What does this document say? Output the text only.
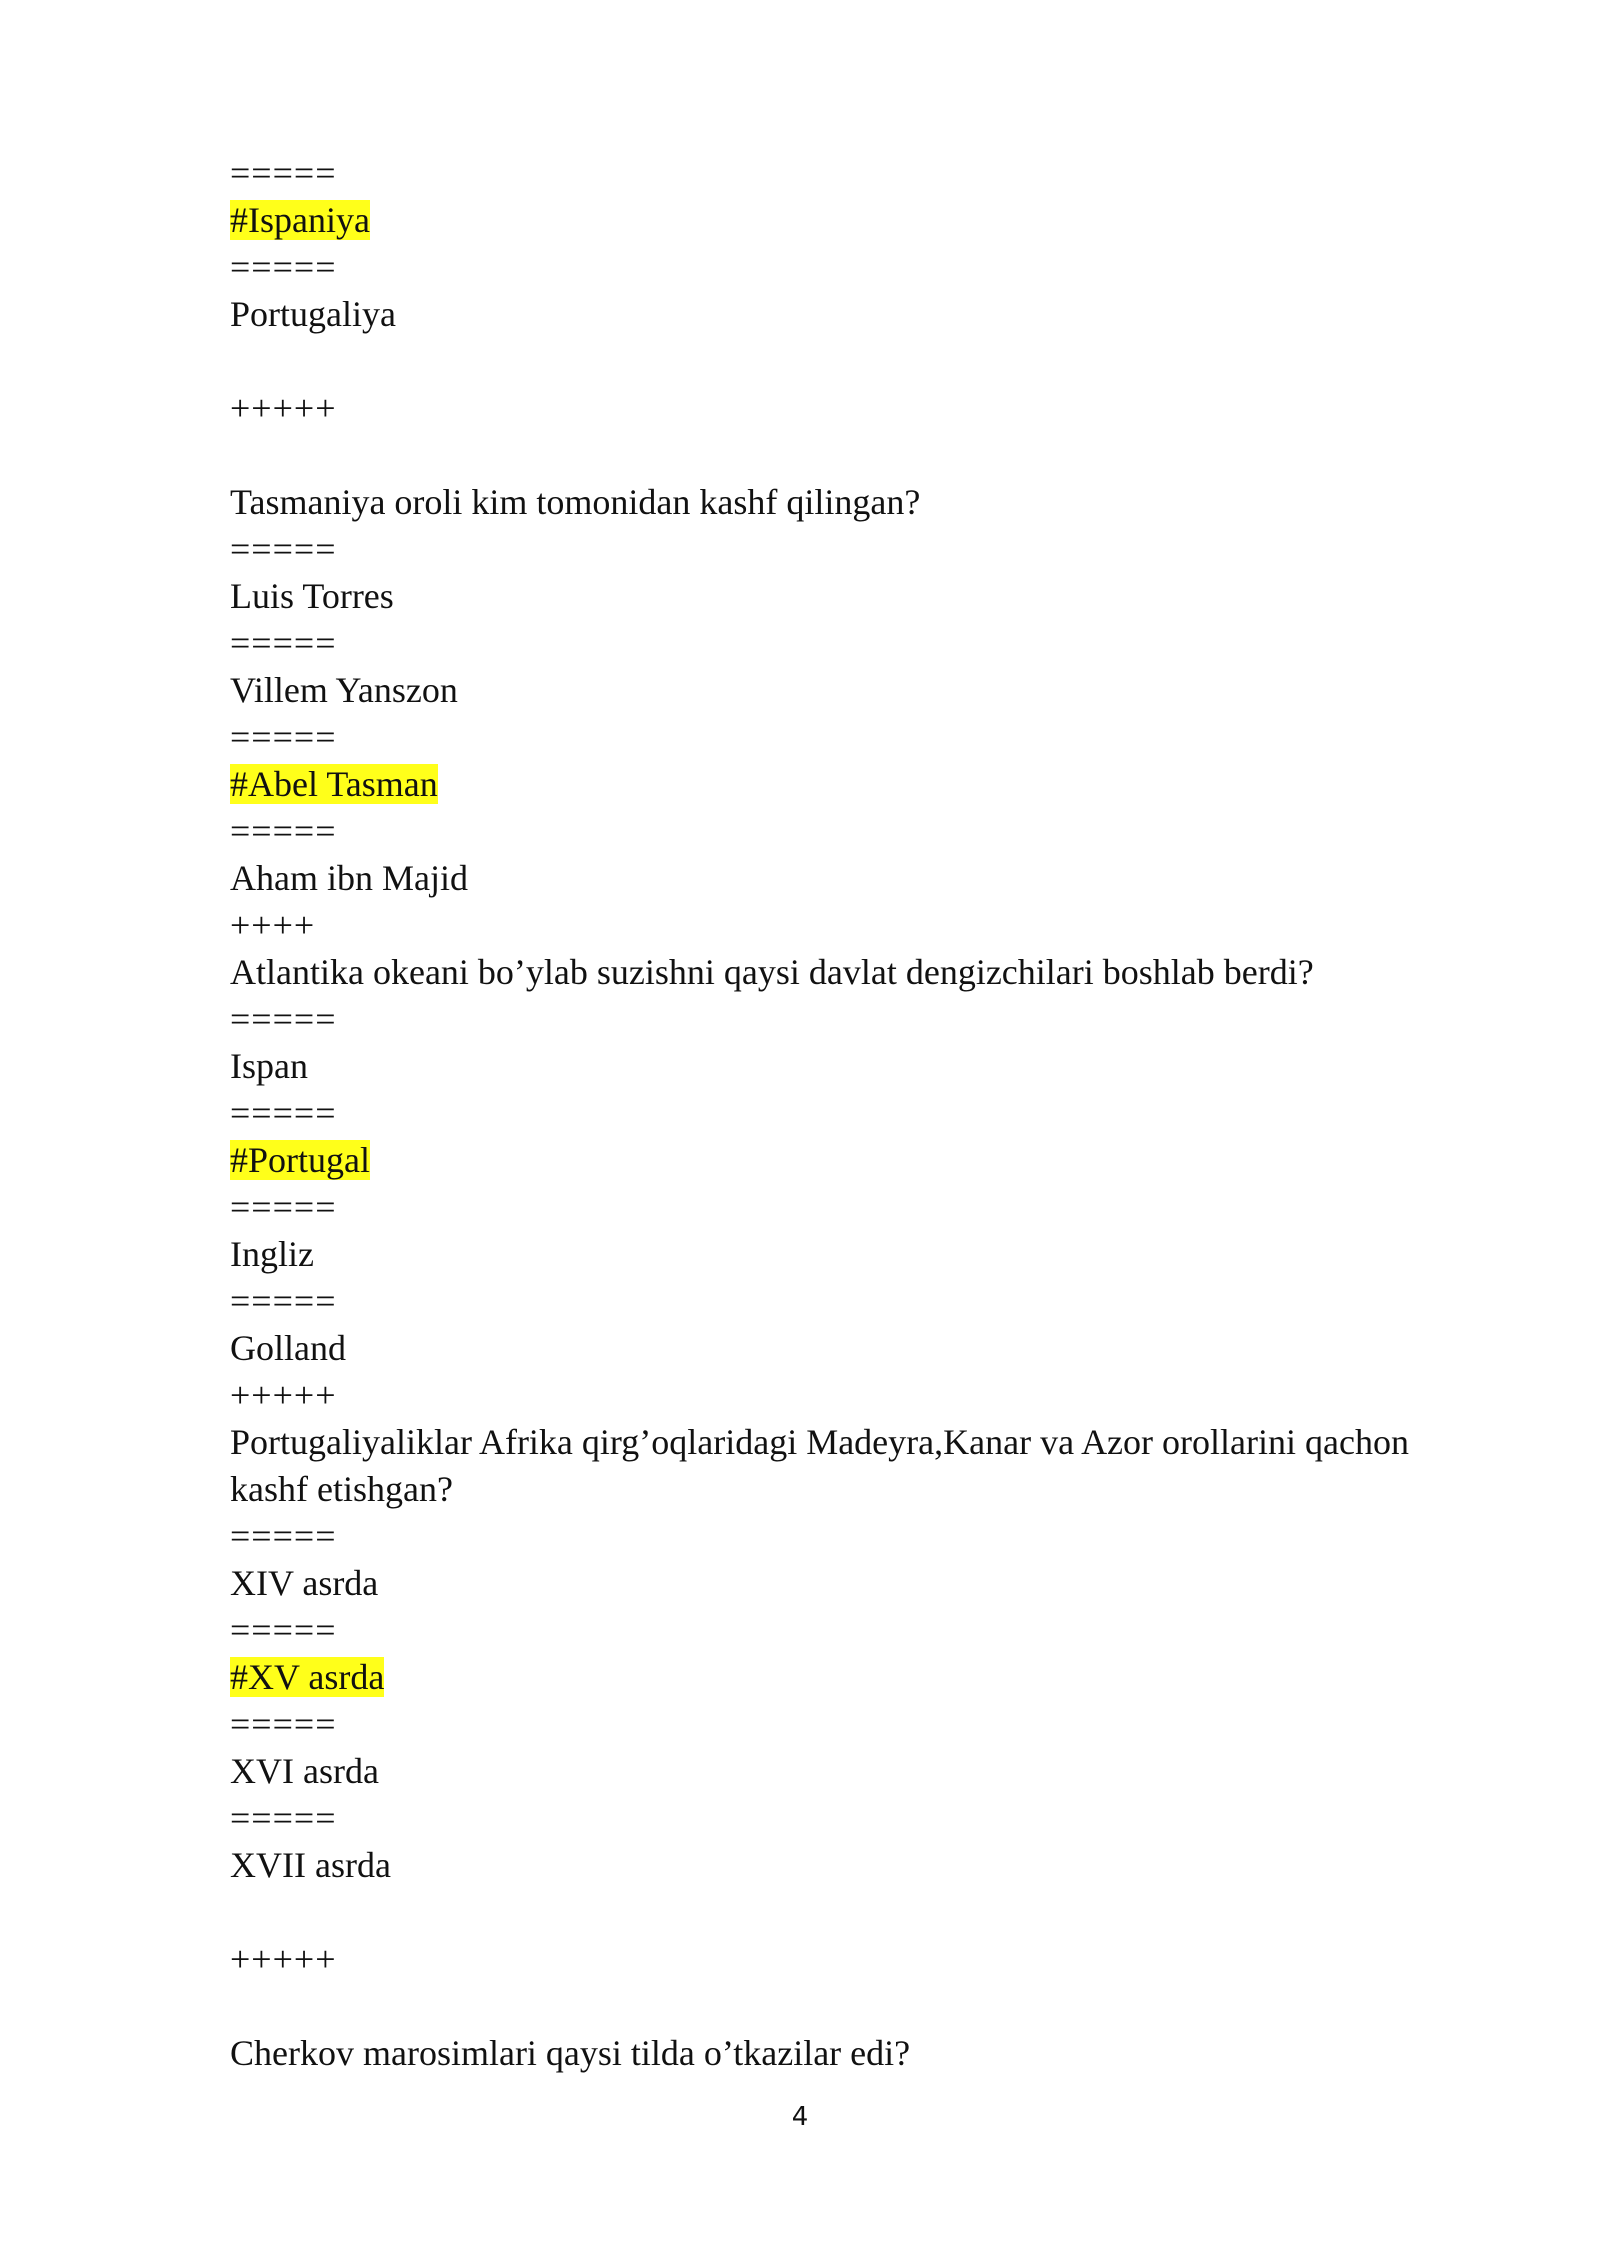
=====
#Ispaniya
=====
Portugaliya
+++++
Tasmaniya oroli kim tomonidan kashf qilingan?
=====
Luis Torres
=====
Villem Yanszon
=====
#Abel Tasman
=====
Aham ibn Majid
++++
Atlantika okeani bo’ylab suzishni qaysi davlat dengizchilari boshlab berdi?
=====
Ispan
=====
#Portugal
=====
Ingliz
=====
Golland
+++++
Portugaliyaliklar Afrika qirg’oqlaridagi Madeyra,Kanar va Azor orollarini qachon kashf etishgan?
=====
XIV asrda
=====
#XV asrda
=====
XVI asrda
=====
XVII asrda
+++++
Cherkov marosimlari qaysi tilda o’tkazilar edi?
4
